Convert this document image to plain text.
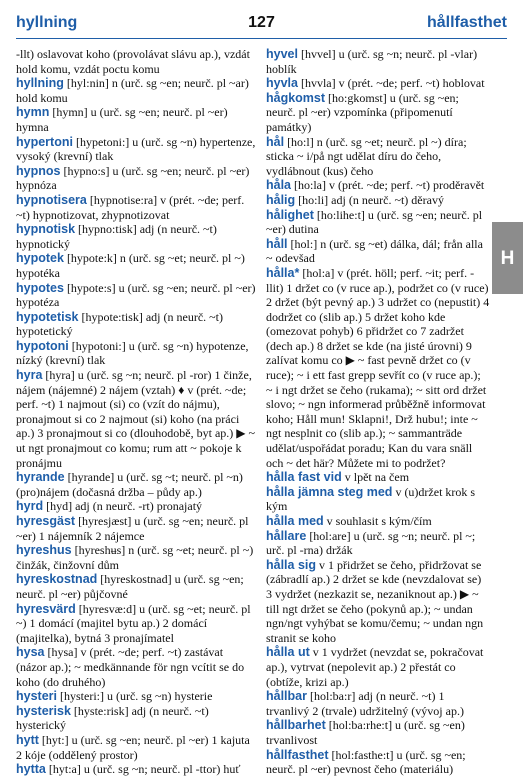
hyllning	127	hållfasthet

-llt) oslavovat koho (provolávat slávu ap.), vzdát hold komu, vzdát poctu komu

hyllning [hyl:nin] n (urč. sg ~en; neurč. pl ~ar) hold komu

hymn [hymn] u (urč. sg ~en; neurč. pl ~er) hymna

hypertoni [hypetoni:] u (urč. sg ~n) hypertenze, vysoký (krevní) tlak

hypnos [hypno:s] u (urč. sg ~en; neurč. pl ~er) hypnóza

hypnotisera [hypnotise:ra] v (prét. ~de; perf. ~t) hypnotizovat, zhypnotizovat

hypnotisk [hypno:tisk] adj (n neurč. ~t) hypnotický

hypotek [hypote:k] n (urč. sg ~et; neurč. pl ~) hypotéka

hypotes [hypote:s] u (urč. sg ~en; neurč. pl ~er) hypotéza

hypotetisk [hypote:tisk] adj (n neurč. ~t) hypotetický

hypotoni [hypotoni:] u (urč. sg ~n) hypotenze, nízký (krevní) tlak

hyra [hyra] u (urč. sg ~n; neurč. pl -ror) 1 činže, nájem (nájemné) 2 nájem (vztah) ♦ v (prét. ~de; perf. ~t) 1 najmout (si) co (vzít do nájmu), pronajmout si co 2 najmout (si) koho (na práci ap.) 3 pronajmout si co (dlouhodobě, byt ap.) ▶ ~ ut ngt pronajmout co komu; rum att ~ pokoje k pronájmu

hyrande [hyrande] u (urč. sg ~t; neurč. pl ~n) (pro)nájem (dočasná držba – půdy ap.)

hyrd [hyd] adj (n neurč. -rt) pronajatý

hyresgäst [hyresjæst] u (urč. sg ~en; neurč. pl ~er) 1 nájemník 2 nájemce

hyreshus [hyreshʉs] n (urč. sg ~et; neurč. pl ~) činžák, činžovní dům

hyreskostnad [hyreskostnad] u (urč. sg ~en; neurč. pl ~er) půjčovné

hyresvärd [hyresvæ:d] u (urč. sg ~et; neurč. pl ~) 1 domácí (majitel bytu ap.) 2 domácí (majitelka), bytná 3 pronajímatel

hysa [hysa] v (prét. ~de; perf. ~t) zastávat (názor ap.); ~ medkännande för ngn vcítit se do koho (do druhého)

hysteri [hysteri:] u (urč. sg ~n) hysterie

hysterisk [hyste:risk] adj (n neurč. ~t) hysterický

hytt [hyt:] u (urč. sg ~en; neurč. pl ~er) 1 kajuta 2 kóje (oddělený prostor)

hytta [hyt:a] u (urč. sg ~n; neurč. pl -ttor) huť

hyvel [hvvel] u (urč. sg ~n; neurč. pl -vlar) hoblík

hyvla [hvvla] v (prét. ~de; perf. ~t) hoblovat

hågkomst [ho:gkomst] u (urč. sg ~en; neurč. pl ~er) vzpomínka (připomenutí památky)

hål [ho:l] n (urč. sg ~et; neurč. pl ~) díra; sticka ~ i/på ngt udělat díru do čeho, vydlábnout (kus) čeho

håla [ho:la] v (prét. ~de; perf. ~t) proděravět

hålig [ho:li] adj (n neurč. ~t) děravý

hålighet [ho:lihe:t] u (urč. sg ~en; neurč. pl ~er) dutina

håll [hol:] n (urč. sg ~et) dálka, dál; från alla ~ odevšad

hålla* [hol:a] v (prét. höll; perf. ~it; perf. -llit) 1 držet co (v ruce ap.), podržet co (v ruce) 2 držet (být pevný ap.) 3 udržet co (nepustit) 4 dodržet co (slib ap.) 5 držet koho kde (omezovat pohyb) 6 přidržet co 7 zadržet (dech ap.) 8 držet se kde (na jisté úrovni) 9 zalívat komu co ▶ ~ fast pevně držet co (v ruce); ~ i ett fast grepp sevřít co (v ruce ap.); ~ i ngt držet se čeho (rukama); ~ sitt ord držet slovo; ~ ngn informerad průběžně informovat koho; Håll mun! Sklapni!, Drž hubu!; inte ~ ngt nesplnit co (slib ap.); ~ sammanträde udělat/uspořádat poradu; Kan du vara snäll och ~ det här? Můžete mi to podržet?

hålla fast vid v lpět na čem

hålla jämna steg med v (u)držet krok s kým

hålla med v souhlasit s kým/čím

hållare [hol:are] u (urč. sg ~n; neurč. pl ~; urč. pl -rna) držák

hålla sig v 1 přidržet se čeho, přidržovat se (zábradlí ap.) 2 držet se kde (nevzdalovat se) 3 vydržet (nezkazit se, nezaniknout ap.) ▶ ~ till ngt držet se čeho (pokynů ap.); ~ undan ngn/ngt vyhýbat se komu/čemu; ~ undan ngn stranit se koho

hålla ut v 1 vydržet (nevzdat se, pokračovat ap.), vytrvat (nepolevit ap.) 2 přestát co (obtíže, krizi ap.)

hållbar [hol:ba:r] adj (n neurč. ~t) 1 trvanlivý 2 (trvale) udržitelný (vývoj ap.)

hållbarhet [hol:ba:rhe:t] u (urč. sg ~en) trvanlivost

hållfasthet [hol:fasthe:t] u (urč. sg ~en; neurč. pl ~er) pevnost čeho (materiálu)

H
